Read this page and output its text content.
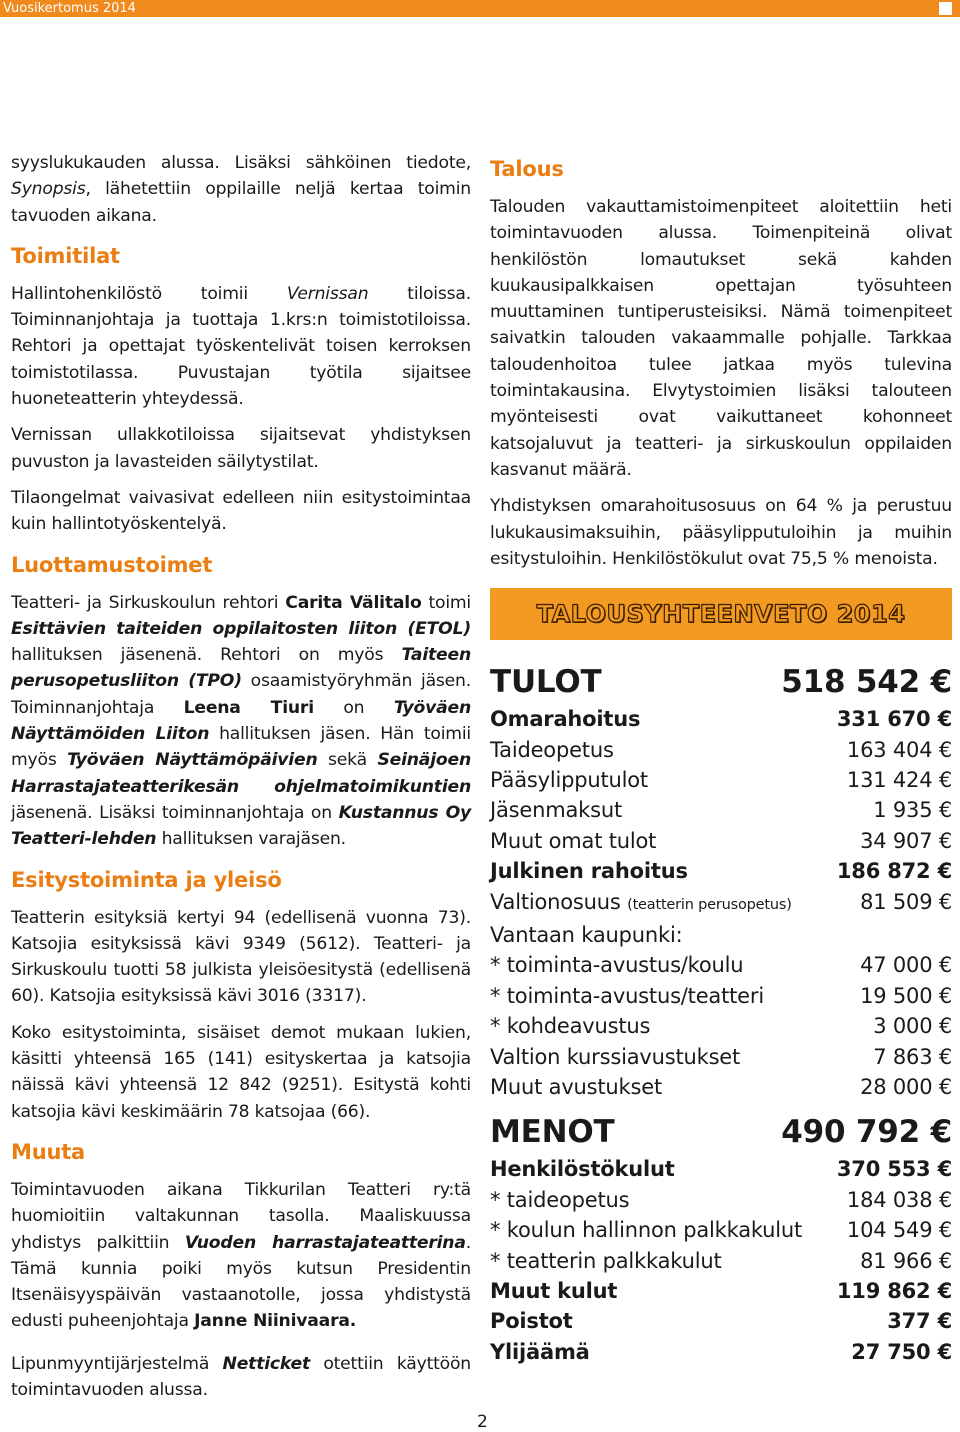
Vuosikertomus 2014

syyslukukauden alussa. Lisäksi sähköinen tiedote, Synopsis, lähetettiin oppilaille neljä kertaa toimin tavuoden aikana.

Toimitilat

Hallintohenkilöstö toimii Vernissan tiloissa. Toiminnanjohtaja ja tuottaja 1.krs:n toimistotiloissa. Rehtori ja opettajat työskentelivät toisen kerroksen toimistotilassa. Puvustajan työtila sijaitsee huoneteatterin yhteydessä.

Vernissan ullakkotiloissa sijaitsevat yhdistyksen puvuston ja lavasteiden säilytystilat.

Tilaongelmat vaivasivat edelleen niin esitystoimintaa kuin hallintotyöskentelyä.

Luottamustoimet

Teatteri- ja Sirkuskoulun rehtori Carita Välitalo toimi Esittävien taiteiden oppilaitosten liiton (ETOL) hallituksen jäsenenä. Rehtori on myös Taiteen perusopetusliiton (TPO) osaamistyöryhmän jäsen. Toiminnanjohtaja Leena Tiuri on Työväen Näyttämöiden Liiton hallituksen jäsen. Hän toimii myös Työväen Näyttämöpäivien sekä Seinäjoen Harrastajateatterikesän ohjelmatoimikuntien jäsenenä. Lisäksi toiminnanjohtaja on Kustannus Oy Teatteri-lehden hallituksen varajäsen.

Esitystoiminta ja yleisö

Teatterin esityksiä kertyi 94 (edellisenä vuonna 73). Katsojia esityksissä kävi 9349 (5612). Teatteri- ja Sirkuskoulu tuotti 58 julkista yleisöesitystä (edellisenä 60). Katsojia esityksissä kävi 3016 (3317).

Koko esitystoiminta, sisäiset demot mukaan lukien, käsitti yhteensä 165 (141) esityskertaa ja katsojia näissä kävi yhteensä 12 842 (9251). Esitystä kohti katsojia kävi keskimäärin 78 katsojaa (66).

Muuta

Toimintavuoden aikana Tikkurilan Teatteri ry:tä huomioitiin valtakunnan tasolla. Maaliskuussa yhdistys palkittiin Vuoden harrastajateatterina. Tämä kunnia poiki myös kutsun Presidentin Itsenäisyyspäivän vastaanotolle, jossa yhdistystä edusti puheenjohtaja Janne Niinivaara.

Lipunmyyntijärjestelmä Netticket otettiin käyttöön toimintavuoden alussa.

Talous

Talouden vakauttamistoimenpiteet aloitettiin heti toimintavuoden alussa. Toimenpiteinä olivat henkilöstön lomautukset sekä kahden kuukausipalkkaisen opettajan työsuhteen muuttaminen tuntiperusteisiksi. Nämä toimenpiteet saivatkin talouden vakaammalle pohjalle. Tarkkaa taloudenhoitoa tulee jatkaa myös tulevina toimintakausina. Elvytystoimien lisäksi talouteen myönteisesti ovat vaikuttaneet kohonneet katsojaluvut ja teatteri- ja sirkuskoulun oppilaiden kasvanut määrä.

Yhdistyksen omarahoitusosuus on 64 % ja perustuu lukukausimaksuihin, pääsylipputuloihin ja muihin esitystuloihin. Henkilöstökulut ovat 75,5 % menoista.

TALOUSYHTEENVETO 2014
TULOT	518 542 €
Omarahoitus	331 670 €
Taideopetus	163 404 €
Pääsylipputulot	131 424 €
Jäsenmaksut	1 935 €
Muut omat tulot	34 907 €
Julkinen rahoitus	186 872 €
Valtionosuus (teatterin perusopetus)	81 509 €
Vantaan kaupunki:
* toiminta-avustus/koulu	47 000 €
* toiminta-avustus/teatteri	19 500 €
* kohdeavustus	3 000 €
Valtion kurssiavustukset	7 863 €
Muut avustukset	28 000 €
MENOT	490 792 €
Henkilöstökulut	370 553 €
* taideopetus	184 038 €
* koulun hallinnon palkkakulut 104 549 €
* teatterin palkkakulut	81 966 €
Muut kulut	119 862 €
Poistot	377 €
Ylijäämä	27 750 €
2
